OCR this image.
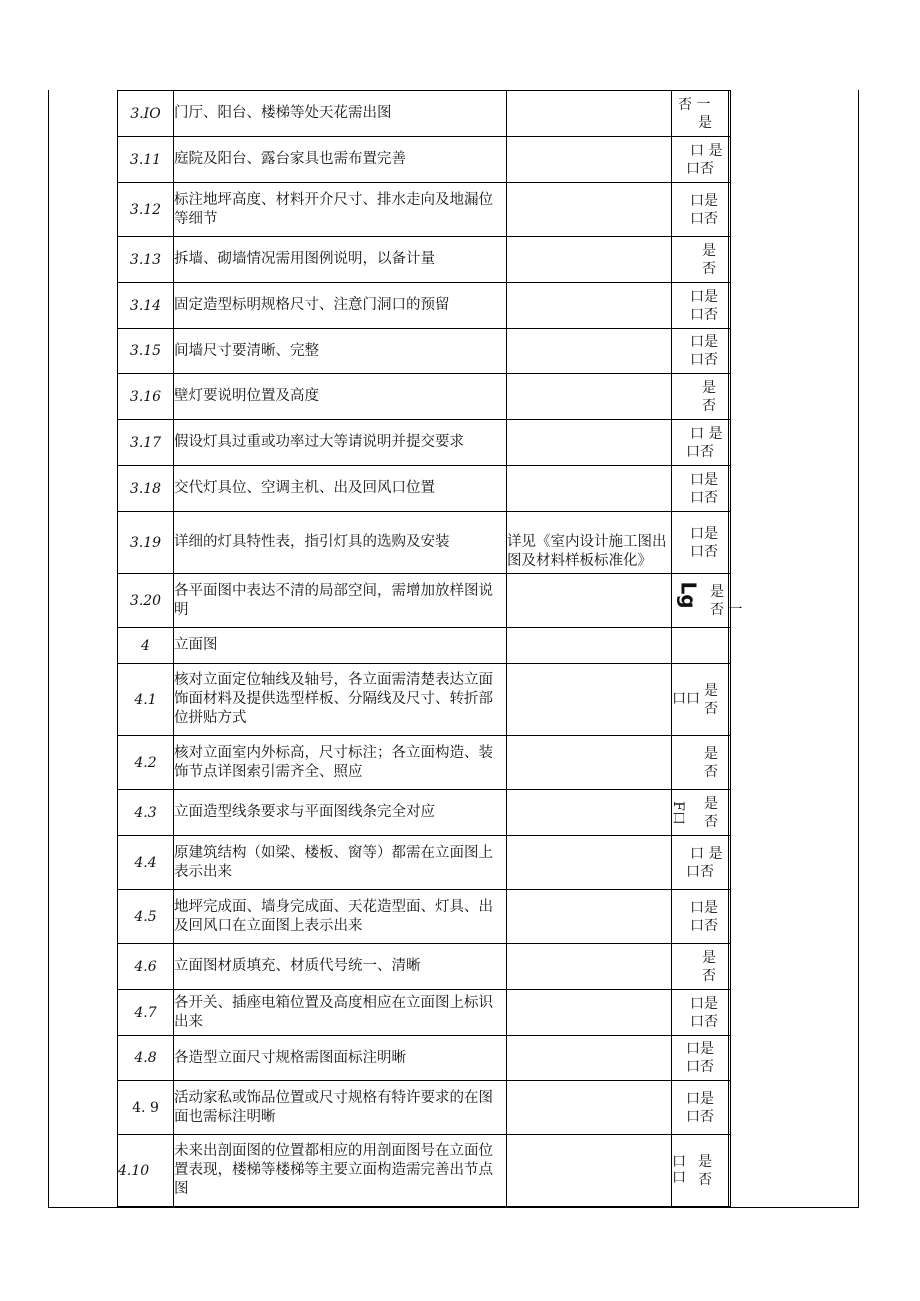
3.IO	门厅、阳台、楼梯等处天花需出图		否 一
是	

3.11	庭院及阳台、露台家具也需布置完善		口 是
口否	

3.12	标注地坪高度、材料开介尺寸、排水走向及地漏位等细节		口是
口否	

3.13	拆墙、砌墙情况需用图例说明，以备计量		是
否	

3.14	固定造型标明规格尺寸、注意门洞口的预留		口是
口否	

3.15	间墙尺寸要清晰、完整		口是
口否	

3.16	壁灯要说明位置及高度		是
否	

3.17	假设灯具过重或功率过大等请说明并提交要求		口 是
口否	

3.18	交代灯具位、空调主机、出及回风口位置		口是
口否	

3.19	详细的灯具特性表，指引灯具的选购及安装	详见《室内设计施工图出图及材料样板标准化》	口是
口否	

3.20	各平面图中表达不清的局部空间，需增加放样图说明		Lg 是
否 一	

4	立面图			
4.1	核对立面定位轴线及轴号，各立面需清楚表达立面饰面材料及提供选型样板、分隔线及尺寸、转折部位拼贴方式		口口
是
否	

4.2	核对立面室内外标高，尺寸标注；各立面构造、装饰节点详图索引需齐全、照应		是
否	

4.3	立面造型线条要求与平面图线条完全对应		F口 是
否	

4.4	原建筑结构（如梁、楼板、窗等）都需在立面图上表示出来		口 是
口否	

4.5	地坪完成面、墙身完成面、天花造型面、灯具、出及回风口在立面图上表示出来		口是
口否	

4.6	立面图材质填充、材质代号统一、清晰		是
否	

4.7	各开关、插座电箱位置及高度相应在立面图上标识出来		口是
口否	

4.8	各造型立面尺寸规格需图面标注明晰		口是
口否	

4. 9	活动家私或饰品位置或尺寸规格有特许要求的在图面也需标注明晰		口是
口否	

4.10	未来出剖面图的位置都相应的用剖面图号在立面位置表现，楼梯等楼梯等主要立面构造需完善出节点图		口
口
是
否	
